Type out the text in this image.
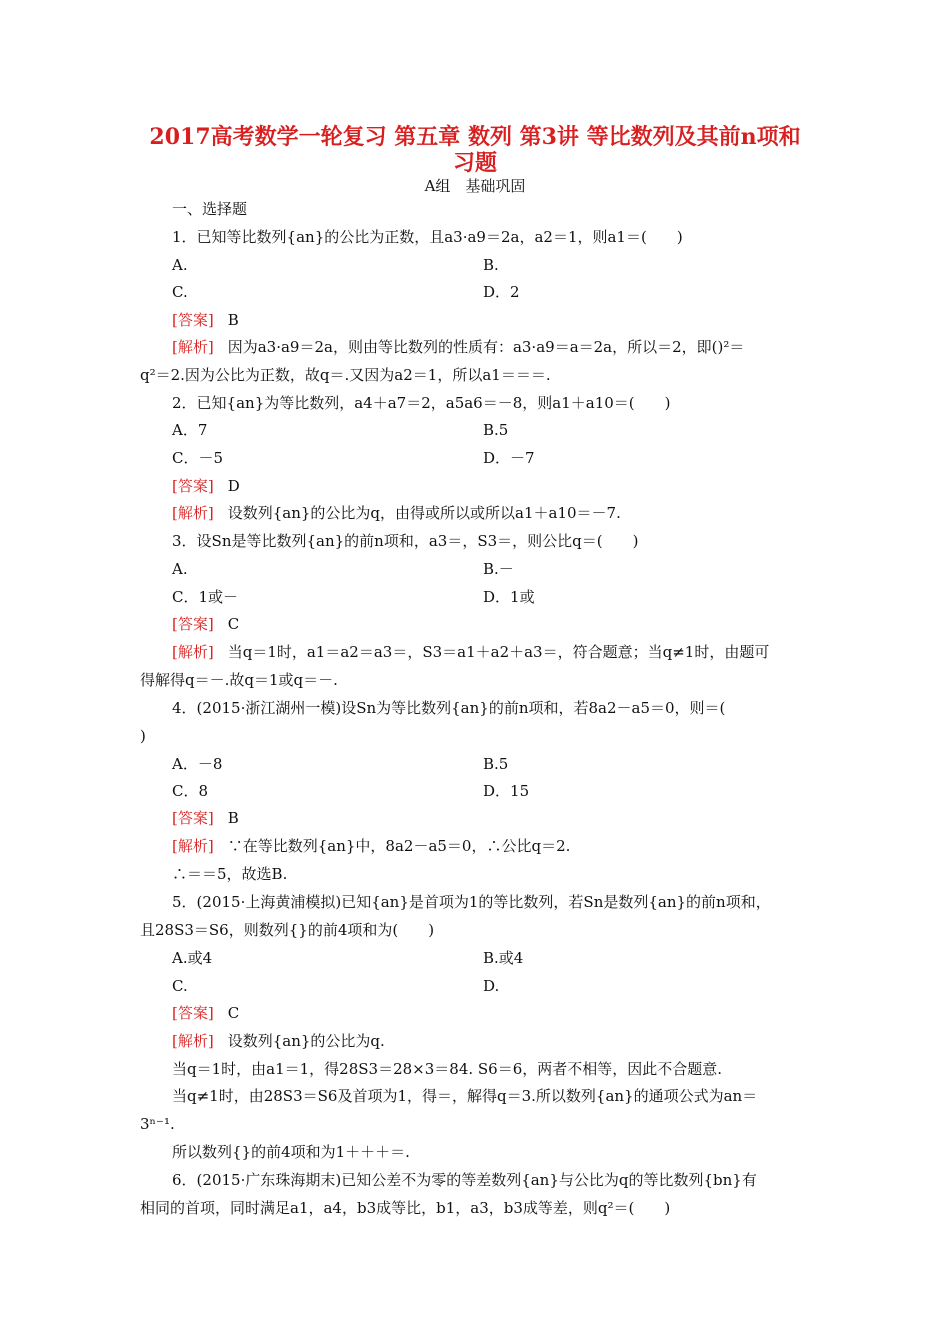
2017高考数学一轮复习 第五章 数列 第3讲 等比数列及其前n项和
习题
A组　基础巩固
一、选择题
1．已知等比数列{an}的公比为正数，且a3·a9＝2a，a2＝1，则a1＝(　　)
A.	B.
C.	D．2
[答案] B
[解析] 因为a3·a9＝2a，则由等比数列的性质有：a3·a9＝a＝2a，所以＝2，即()²＝
q²＝2.因为公比为正数，故q＝.又因为a2＝1，所以a1＝＝＝.
2．已知{an}为等比数列，a4＋a7＝2，a5a6＝－8，则a1＋a10＝(　　)
A．7	B.5
C．－5	D．－7
[答案] D
[解析] 设数列{an}的公比为q，由得或所以或所以a1＋a10＝－7.
3．设Sn是等比数列{an}的前n项和，a3＝，S3＝，则公比q＝(　　)
A.	B.－
C．1或－	D．1或
[答案] C
[解析] 当q＝1时，a1＝a2＝a3＝，S3＝a1＋a2＋a3＝，符合题意；当q≠1时，由题可
得解得q＝－.故q＝1或q＝－.
4．(2015·浙江湖州一模)设Sn为等比数列{an}的前n项和，若8a2－a5＝0，则＝(
)
A．－8	B.5
C．8	D．15
[答案] B
[解析] ∵在等比数列{an}中，8a2－a5＝0，∴公比q＝2.
∴＝＝5，故选B.
5．(2015·上海黄浦模拟)已知{an}是首项为1的等比数列，若Sn是数列{an}的前n项和，
且28S3＝S6，则数列{}的前4项和为(　　)
A.或4	B.或4
C.	D.
[答案] C
[解析] 设数列{an}的公比为q.
当q＝1时，由a1＝1，得28S3＝28×3＝84. S6＝6，两者不相等，因此不合题意.
当q≠1时，由28S3＝S6及首项为1，得＝，解得q＝3.所以数列{an}的通项公式为an＝
3ⁿ⁻¹.
所以数列{}的前4项和为1＋＋＋＝.
6．(2015·广东珠海期末)已知公差不为零的等差数列{an}与公比为q的等比数列{bn}有
相同的首项，同时满足a1，a4，b3成等比，b1，a3，b3成等差，则q²＝(　　)
